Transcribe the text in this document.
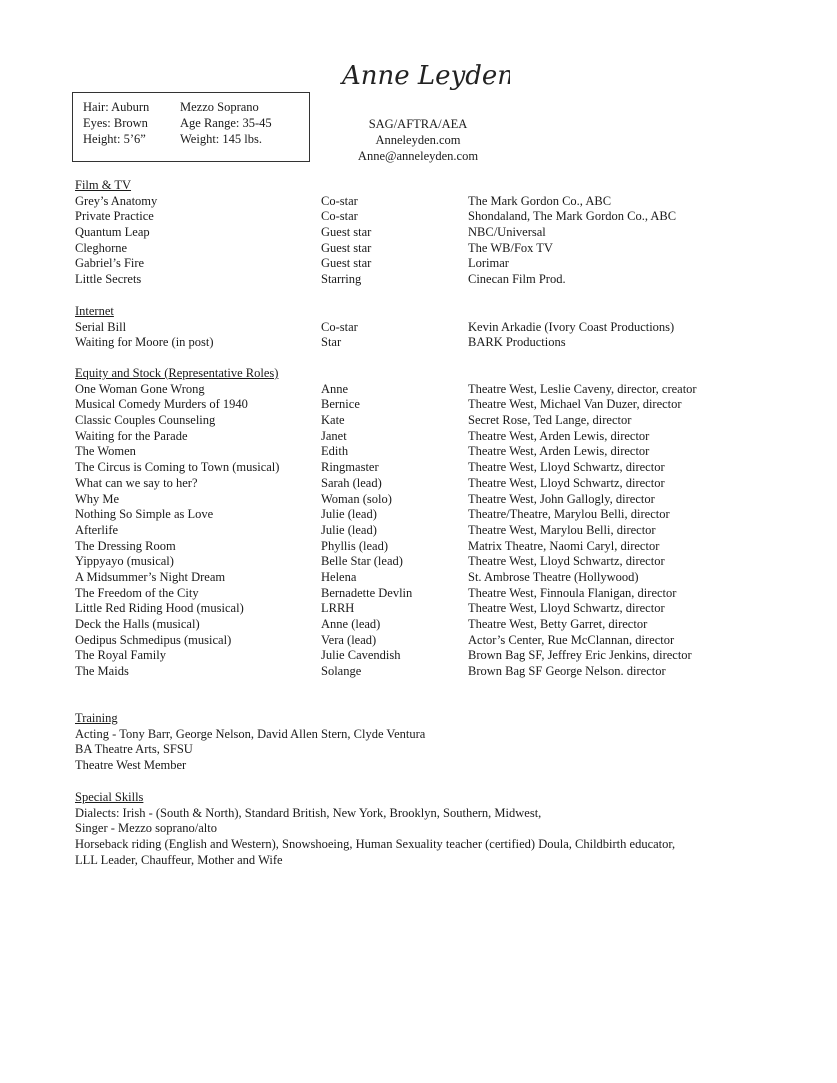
Anne Leyden
Hair: Auburn
Eyes: Brown
Height: 5’6”
Mezzo Soprano
Age Range: 35-45
Weight: 145 lbs.
SAG/AFTRA/AEA
Anneleyden.com
Anne@anneleyden.com
Film & TV
Grey’s Anatomy	Co-star	The Mark Gordon Co., ABC
Private Practice	Co-star	Shondaland, The Mark Gordon Co., ABC
Quantum Leap	Guest star	NBC/Universal
Cleghorne	Guest star	The WB/Fox TV
Gabriel’s Fire	Guest star	Lorimar
Little Secrets	Starring	Cinecan Film Prod.
Internet
Serial Bill	Co-star	Kevin Arkadie (Ivory Coast Productions)
Waiting for Moore (in post)	Star	BARK Productions
Equity and Stock (Representative Roles)
One Woman Gone Wrong	Anne	Theatre West, Leslie Caveny, director, creator
Musical Comedy Murders of 1940	Bernice	Theatre West, Michael Van Duzer, director
Classic Couples Counseling	Kate	Secret Rose, Ted Lange, director
Waiting for the Parade	Janet	Theatre West, Arden Lewis, director
The Women	Edith	Theatre West, Arden Lewis, director
The Circus is Coming to Town (musical)	Ringmaster	Theatre West, Lloyd Schwartz, director
What can we say to her?	Sarah (lead)	Theatre West, Lloyd Schwartz, director
Why Me	Woman (solo)	Theatre West, John Gallogly, director
Nothing So Simple as Love	Julie (lead)	Theatre/Theatre, Marylou Belli, director
Afterlife	Julie (lead)	Theatre West, Marylou Belli, director
The Dressing Room	Phyllis (lead)	Matrix Theatre, Naomi Caryl, director
Yippyayo (musical)	Belle Star (lead)	Theatre West, Lloyd Schwartz, director
A Midsummer’s Night Dream	Helena	St. Ambrose Theatre (Hollywood)
The Freedom of the City	Bernadette Devlin	Theatre West, Finnoula Flanigan, director
Little Red Riding Hood (musical)	LRRH	Theatre West, Lloyd Schwartz, director
Deck the Halls (musical)	Anne (lead)	Theatre West, Betty Garret, director
Oedipus Schmedipus (musical)	Vera (lead)	Actor’s Center, Rue McClannan, director
The Royal Family	Julie Cavendish	Brown Bag SF, Jeffrey Eric Jenkins, director
The Maids	Solange	Brown Bag SF George Nelson. director
Training
Acting - Tony Barr, George Nelson, David Allen Stern, Clyde Ventura
BA Theatre Arts, SFSU
Theatre West Member
Special Skills
Dialects: Irish - (South & North), Standard British, New York, Brooklyn, Southern, Midwest,
Singer - Mezzo soprano/alto
Horseback riding (English and Western), Snowshoeing, Human Sexuality teacher (certified) Doula, Childbirth educator,
LLL Leader, Chauffeur, Mother and Wife
